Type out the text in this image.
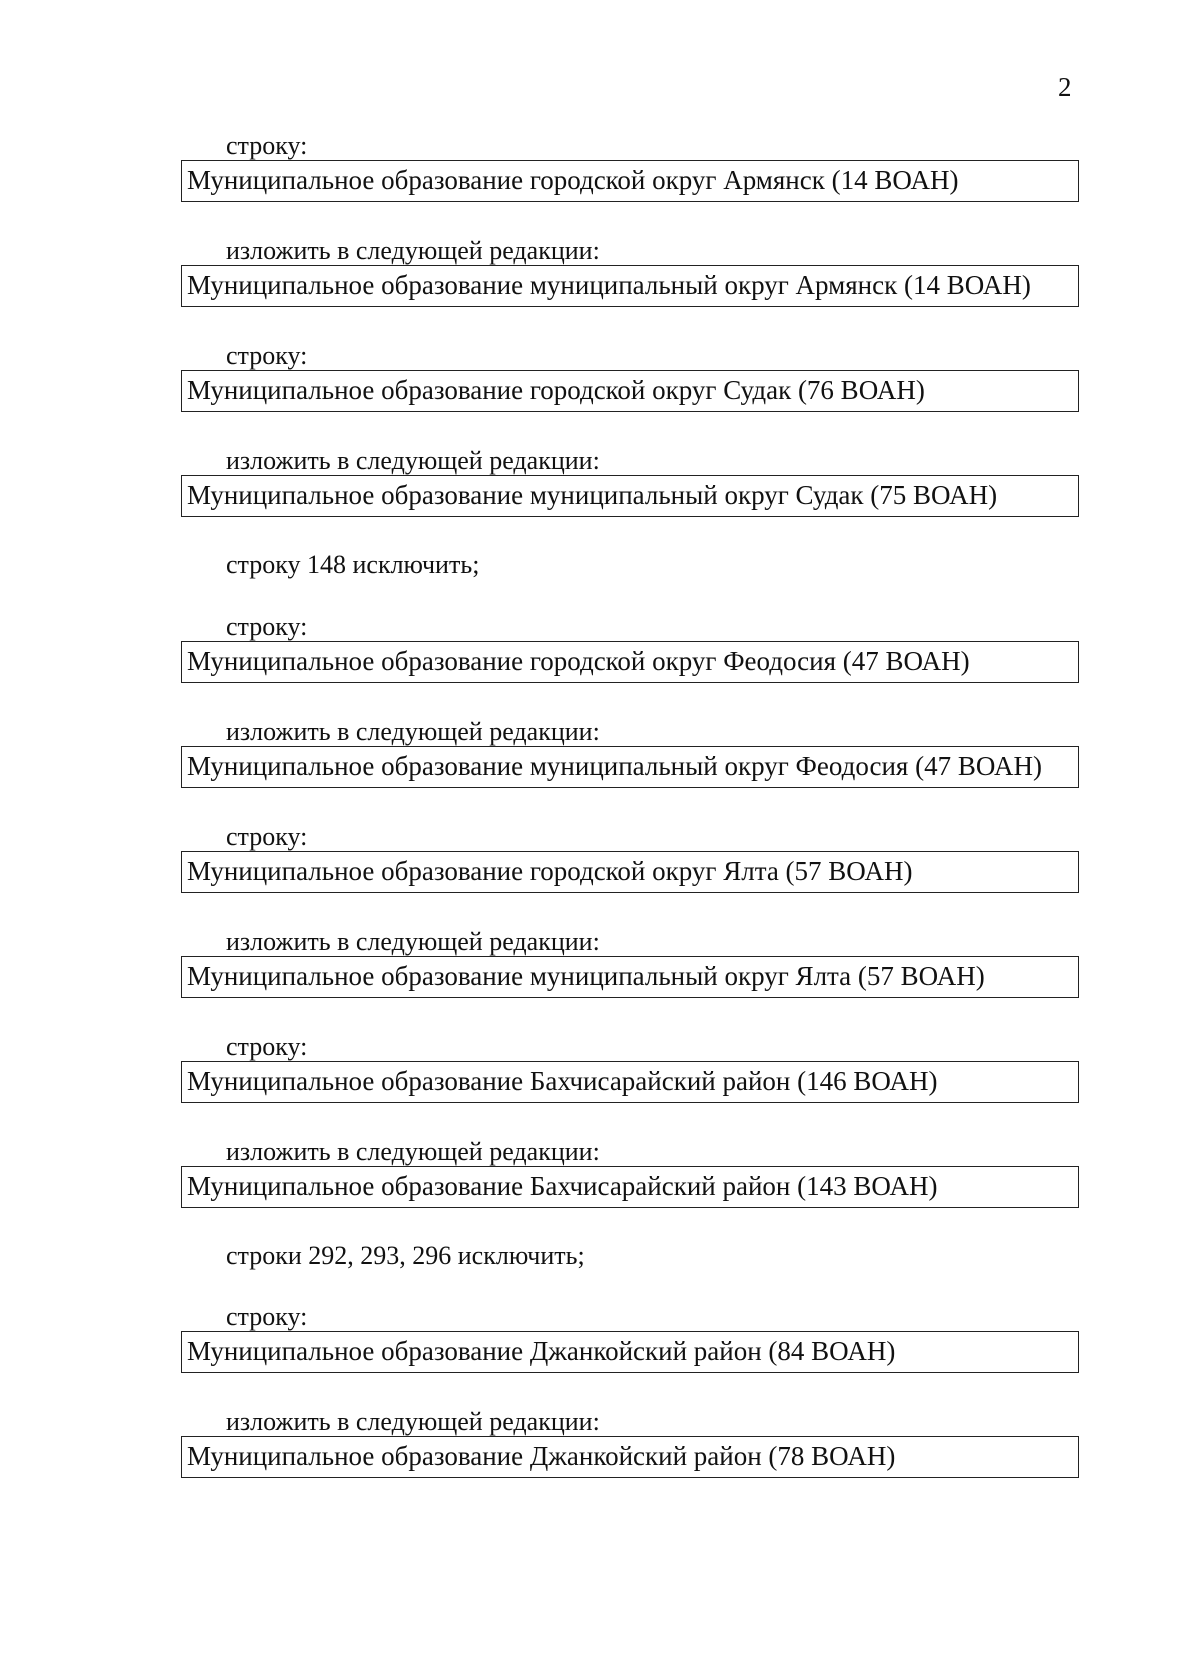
2
строку:
Муниципальное образование городской округ Армянск (14 ВОАН)
изложить в следующей редакции:
Муниципальное образование муниципальный округ Армянск (14 ВОАН)
строку:
Муниципальное образование городской округ Судак (76 ВОАН)
изложить в следующей редакции:
Муниципальное образование муниципальный округ Судак (75 ВОАН)
строку 148 исключить;
строку:
Муниципальное образование городской округ Феодосия (47 ВОАН)
изложить в следующей редакции:
Муниципальное образование муниципальный округ Феодосия (47 ВОАН)
строку:
Муниципальное образование городской округ Ялта (57 ВОАН)
изложить в следующей редакции:
Муниципальное образование муниципальный округ Ялта (57 ВОАН)
строку:
Муниципальное образование Бахчисарайский район (146 ВОАН)
изложить в следующей редакции:
Муниципальное образование Бахчисарайский район (143 ВОАН)
строки 292, 293, 296 исключить;
строку:
Муниципальное образование Джанкойский район (84 ВОАН)
изложить в следующей редакции:
Муниципальное образование Джанкойский район (78 ВОАН)
